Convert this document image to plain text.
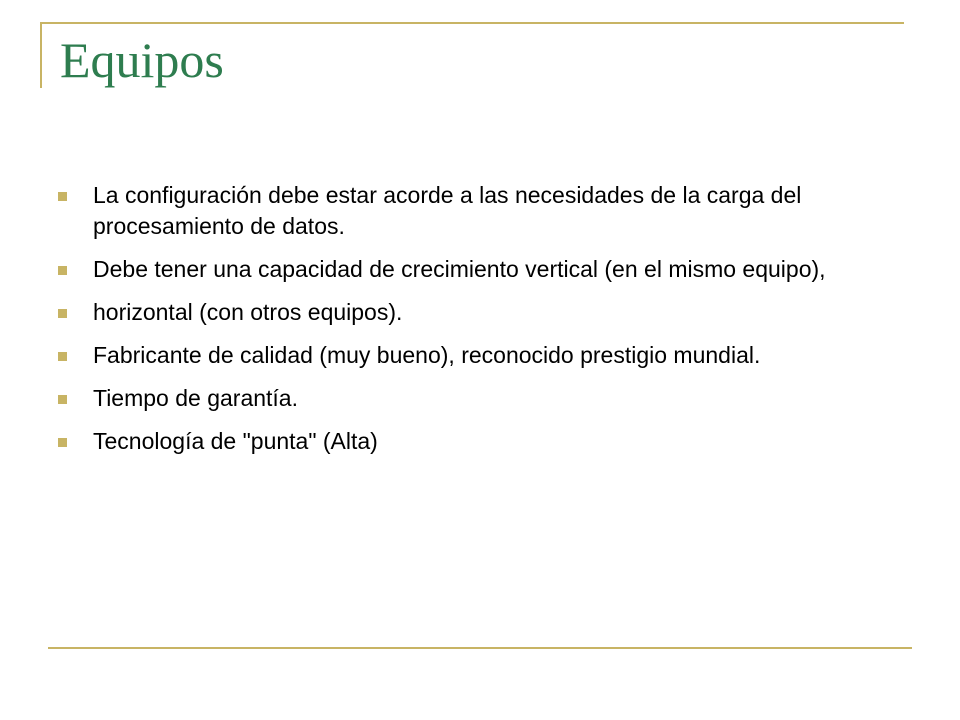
Equipos
La configuración debe estar acorde a las necesidades de la carga del procesamiento de datos.
Debe tener una capacidad de crecimiento vertical (en el mismo equipo),
horizontal (con otros equipos).
Fabricante de calidad (muy bueno), reconocido prestigio mundial.
Tiempo de garantía.
Tecnología de "punta" (Alta)
